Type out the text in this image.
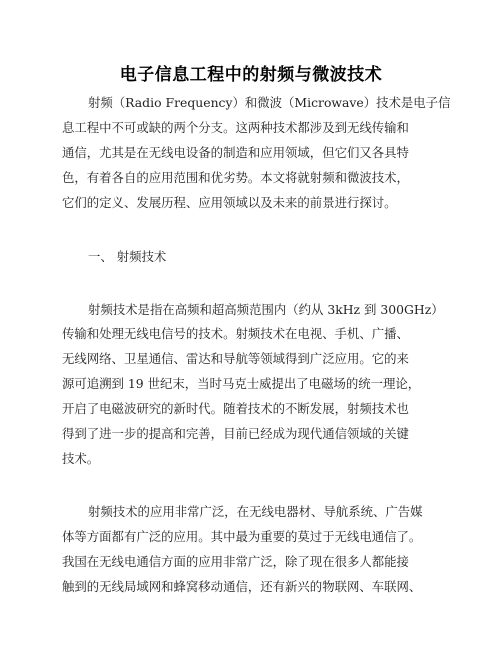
电子信息工程中的射频与微波技术
射频（Radio Frequency）和微波（Microwave）技术是电子信
息工程中不可或缺的两个分支。这两种技术都涉及到无线传输和
通信，尤其是在无线电设备的制造和应用领域，但它们又各具特
色，有着各自的应用范围和优劣势。本文将就射频和微波技术，
它们的定义、发展历程、应用领域以及未来的前景进行探讨。
一、 射频技术
射频技术是指在高频和超高频范围内（约从 3kHz 到 300GHz）
传输和处理无线电信号的技术。射频技术在电视、手机、广播、
无线网络、卫星通信、雷达和导航等领域得到广泛应用。它的来
源可追溯到 19 世纪末，当时马克士威提出了电磁场的统一理论，
开启了电磁波研究的新时代。随着技术的不断发展，射频技术也
得到了进一步的提高和完善，目前已经成为现代通信领域的关键
技术。
射频技术的应用非常广泛，在无线电器材、导航系统、广告媒
体等方面都有广泛的应用。其中最为重要的莫过于无线电通信了。
我国在无线电通信方面的应用非常广泛，除了现在很多人都能接
触到的无线局域网和蜂窝移动通信，还有新兴的物联网、车联网、
